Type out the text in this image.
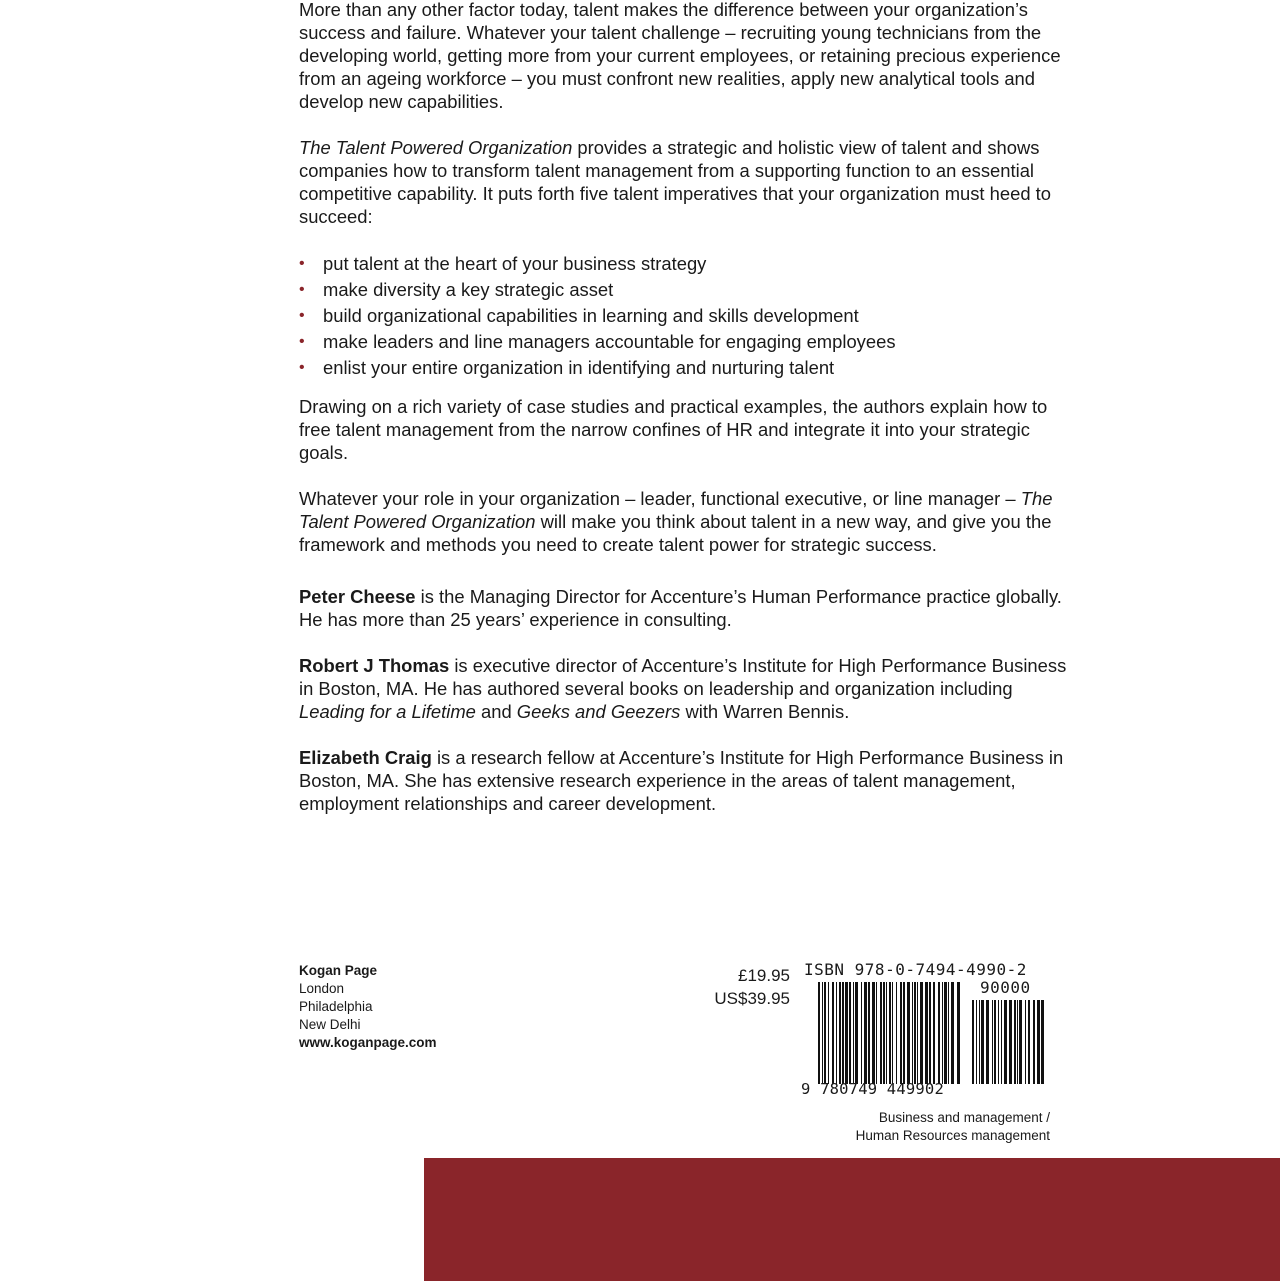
More than any other factor today, talent makes the difference between your organization’s success and failure. Whatever your talent challenge – recruiting young technicians from the developing world, getting more from your current employees, or retaining precious experience from an ageing workforce – you must confront new realities, apply new analytical tools and develop new capabilities.

The Talent Powered Organization provides a strategic and holistic view of talent and shows companies how to transform talent management from a supporting function to an essential competitive capability. It puts forth five talent imperatives that your organization must heed to succeed:

• put talent at the heart of your business strategy
• make diversity a key strategic asset
• build organizational capabilities in learning and skills development
• make leaders and line managers accountable for engaging employees
• enlist your entire organization in identifying and nurturing talent

Drawing on a rich variety of case studies and practical examples, the authors explain how to free talent management from the narrow confines of HR and integrate it into your strategic goals.

Whatever your role in your organization – leader, functional executive, or line manager – The Talent Powered Organization will make you think about talent in a new way, and give you the framework and methods you need to create talent power for strategic success.

Peter Cheese is the Managing Director for Accenture’s Human Performance practice globally. He has more than 25 years’ experience in consulting.

Robert J Thomas is executive director of Accenture’s Institute for High Performance Business in Boston, MA. He has authored several books on leadership and organization including Leading for a Lifetime and Geeks and Geezers with Warren Bennis.

Elizabeth Craig is a research fellow at Accenture’s Institute for High Performance Business in Boston, MA. She has extensive research experience in the areas of talent management, employment relationships and career development.

Kogan Page
London
Philadelphia
New Delhi
www.koganpage.com
£19.95
US$39.95
ISBN 978-0-7494-4990-2
90000
9 780749 449902
Business and management /
Human Resources management
